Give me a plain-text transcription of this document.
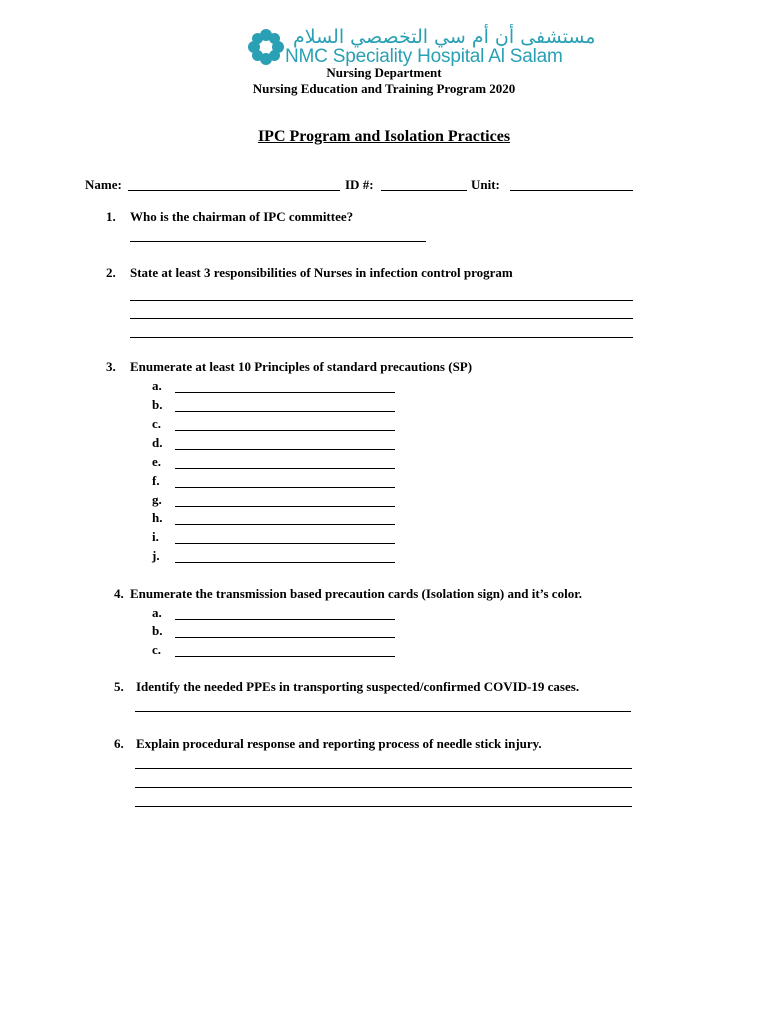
مستشفى أن أم سي التخصصي السلام
NMC Speciality Hospital Al Salam
Nursing Department
Nursing Education and Training Program 2020
IPC Program and Isolation Practices
Name:	ID #:	Unit:
1. Who is the chairman of IPC committee?
2. State at least 3 responsibilities of Nurses in infection control program
3. Enumerate at least 10 Principles of standard precautions (SP)
a.
b.
c.
d.
e.
f.
g.
h.
i.
j.
4. Enumerate the transmission based precaution cards (Isolation sign) and it’s color.
a.
b.
c.
5. Identify the needed PPEs in transporting suspected/confirmed COVID-19 cases.
6. Explain procedural response and reporting process of needle stick injury.
